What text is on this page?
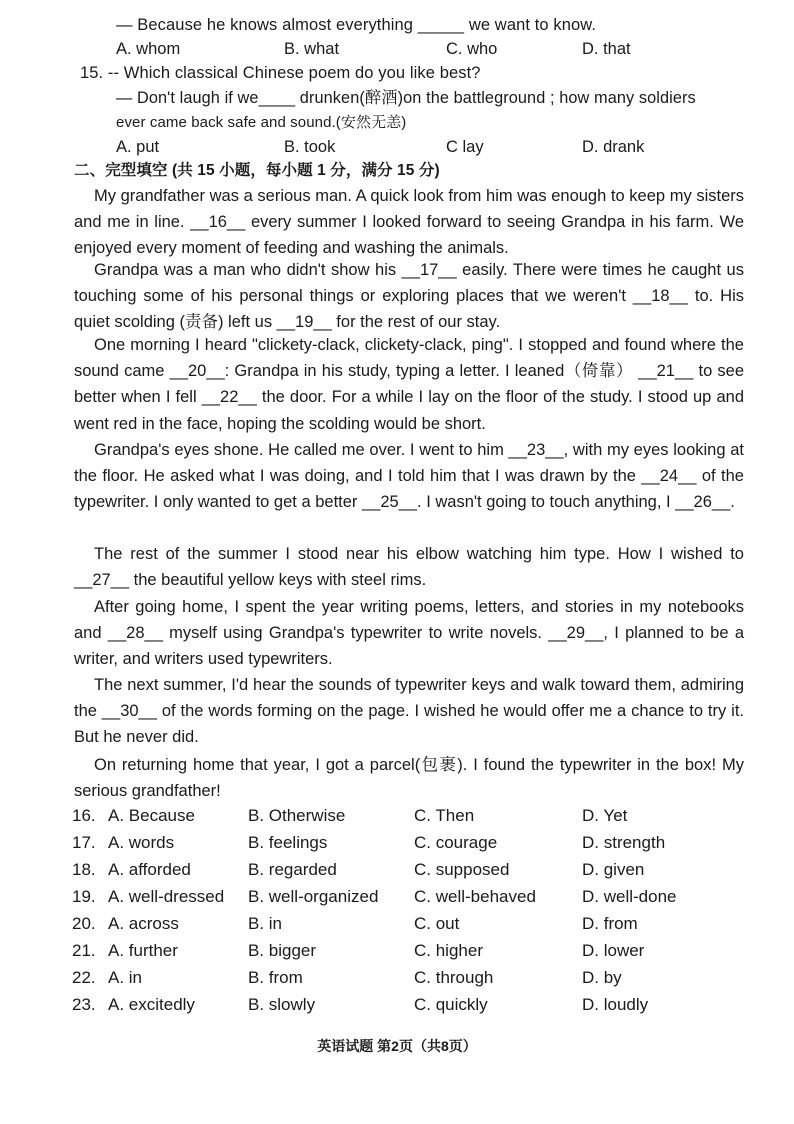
— Because he knows almost everything _____ we want to know.
A. whom	B. what	C. who	D. that
15. -- Which classical Chinese poem do you like best?
— Don't laugh if we____ drunken(醉酒)on the battleground ; how many soldiers
ever came back safe and sound.(安然无恙)
A. put	B. took	C lay	D. drank
二、完型填空 (共 15 小题，每小题 1 分，满分 15 分)
My grandfather was a serious man. A quick look from him was enough to keep my sisters and me in line. __16__ every summer I looked forward to seeing Grandpa in his farm. We enjoyed every moment of feeding and washing the animals.
Grandpa was a man who didn't show his __17__ easily. There were times he caught us touching some of his personal things or exploring places that we weren't __18__ to. His quiet scolding (责备) left us __19__ for the rest of our stay.
One morning I heard "clickety-clack, clickety-clack, ping". I stopped and found where the sound came __20__: Grandpa in his study, typing a letter. I leaned（倚靠） __21__ to see better when I fell __22__ the door. For a while I lay on the floor of the study. I stood up and went red in the face, hoping the scolding would be short.
Grandpa's eyes shone. He called me over. I went to him __23__, with my eyes looking at the floor. He asked what I was doing, and I told him that I was drawn by the __24__ of the typewriter. I only wanted to get a better __25__. I wasn't going to touch anything, I __26__.
The rest of the summer I stood near his elbow watching him type. How I wished to __27__ the beautiful yellow keys with steel rims.
After going home, I spent the year writing poems, letters, and stories in my notebooks and __28__ myself using Grandpa's typewriter to write novels. __29__, I planned to be a writer, and writers used typewriters.
The next summer, I'd hear the sounds of typewriter keys and walk toward them, admiring the __30__ of the words forming on the page. I wished he would offer me a chance to try it. But he never did.
On returning home that year, I got a parcel(包裹). I found the typewriter in the box! My serious grandfather!
16. A. Because	B. Otherwise	C. Then	D. Yet
17. A. words	B. feelings	C. courage	D. strength
18. A. afforded	B. regarded	C. supposed	D. given
19. A. well-dressed B. well-organized C. well-behaved	D. well-done
20. A. across	B. in	C. out	D. from
21. A. further	B. bigger	C. higher	D. lower
22. A. in	B. from	C. through	D. by
23. A. excitedly	B. slowly	C. quickly	D. loudly
英语试题 第2页（共8页）
